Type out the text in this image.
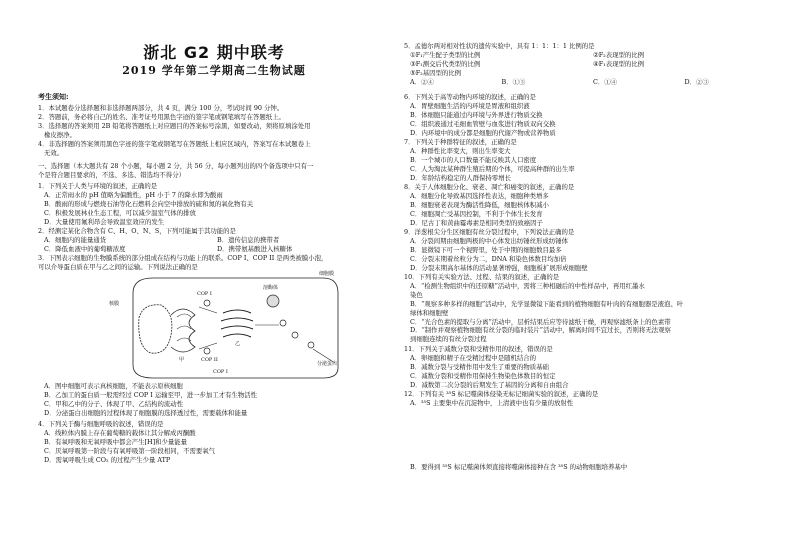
浙北 G2 期中联考
2019 学年第二学期高二生物试题
考生须知:
1．本试题卷分选择题和非选择题两部分，共 4 页，满分 100 分，考试时间 90 分钟。
2．答题前，务必将自己的姓名、准考证号用黑色字迹的签字笔或钢笔填写在答题纸上。
3．选择题的答案须用 2B 铅笔将答题纸上对应题目的答案标号涂黑，如要改动，须将原填涂处用
橡皮擦净。
4．非选择题的答案须用黑色字迹的签字笔或钢笔写在答题纸上相应区域内，答案写在本试题卷上
无效。
一、选择题（本大题共有 28 个小题，每小题 2 分，共 56 分，每小题列出的四个备选项中只有一
个是符合题目要求的，不选、多选、错选均不得分）
1．下列关于人类与环境的叙述，正确的是
A．正常雨水的 pH 值略为偏酸性，pH 小于 7 的降水即为酸雨
B．酸雨的形成与燃烧石油等化石燃料会向空中排放的硫和氮的氧化物有关
C．积极发展林业生态工程，可以减少温室气体的排放
D．大量使用氟利昂会导致温室效应的发生
2．经测定某化合物含有 C、H、O、N、S，下列可能属于其功能的是
A．细胞内的能量通货	B．遗传信息的携带者
C．降低血液中的葡萄糖浓度	D．携带氨基酸进入核糖体
3．下图表示细胞的生物膜系统的部分组成在结构与功能上的联系。COP I、COP II 是两类被膜小泡，
可以介导蛋白质在甲与乙之间的运输。下列说法正确的是
核膜
COP I
甲	COP II
溶酶体
乙
细胞膜
分泌蛋白
COP I
A．图中细胞可表示真核细胞，不能表示原核细胞
B．乙加工的蛋白质一般需经过 COP I 运输至甲，进一步加工才有生物活性
C．甲和乙中的分子、体现了甲、乙结构的流动性
D．分泌蛋白出细胞的过程体现了细胞膜的选择透过性，需要载体和能量
4．下列关于酶与细胞呼吸的叙述，错误的是
A．线粒体内膜上存在葡萄糖的载体让其分解成丙酮酸
B．有氧呼吸和无氧呼吸中都会产生[H]和少量能量
C．厌氧呼吸第一阶段与有氧呼吸第一阶段相同，不需要氧气
D．需氧呼吸生成 CO₂ 的过程产生少量 ATP
5．孟德尔两对相对性状的遗传实验中，具有 1：1：1：1 比例的是
①F₁产生配子类型的比例	②F₂表现型的比例
③F₁测交后代类型的比例	④F₁表现型的比例
⑤F₂基因型的比例
A．②④	B．①③	C．①④	D．②③
6．下列关于高等动物内环境的叙述，正确的是
A．胃壁细胞生活的内环境是胃液和组织液
B．体细胞只能通过内环境与外界进行物质交换
C．组织液通过毛细血管壁与血浆进行物质双向交换
D．内环境中的成分都是细胞的代谢产物或营养物质
7．下列关于种群特征的叙述，正确的是
A．种群性比率变大，则出生率变大
B．一个城市的人口数量不能反映其人口密度
C．人为淘汰某种群生殖后期的个体，可提高种群的出生率
D．年龄结构稳定的人群保持零增长
8．关于人体细胞分化、衰老、凋亡和癌变的叙述，正确的是
A．细胞分化导致基因选择性表达，细胞种类增多
B．细胞衰老表现为酶活性降低，细胞核体积减小
C．细胞凋亡受基因控制，不利于个体生长发育
D．尼古丁和黄曲霉毒素是相同类型的致癌因子
9．洋葱根尖分生区细胞有丝分裂过程中，下列说法正确的是
A．分裂间期由细胞两极的中心体发出纺锤丝形成纺锤体
B．显微镜下可一个视野里，处于中期的细胞数目最多
C．分裂末期着丝粒分为二，DNA 和染色体数目均加倍
D．分裂末期高尔基体的活动显著增强，细胞板扩展形成细胞壁
10．下列有关实验方法、过程、结果的叙述，正确的是
A．“检测生物组织中的还原糖”活动中，需将三种相融后的中性样品中，再用红墨水
染色
B．“观察多种多样的细胞”活动中，光学显微镜下能看到的植物细胞有叶肉的有细胞器是液泡、叶
绿体和细胞壁
C．“光合色素的提取与分离”活动中，层析结果后应等待滤纸干燥，再观察滤纸条上的色素带
D．“制作并观察植物细胞有丝分裂的临时装片”活动中，解离时间不宜过长，否则将无法观察
到细胞连续的有丝分裂过程
11．下列关于减数分裂和受精作用的叙述，错误的是
A．卵细胞和精子在受精过程中是随机结合的
B．减数分裂与受精作用中发生了重要的物质基础
C．减数分裂和受精作用保持生物染色体数目的恒定
D．减数第二次分裂的后期发生了基因的分离和自由组合
12．下列有关 ³⁵S 标记噬菌体侵染无标记细菌实验的叙述，正确的是
A．³⁵S 主要集中在沉淀物中，上清液中也有少量的放射性
B．要得到 ³⁵S 标记噬菌体须直接将噬菌体接种在含 ³⁵S 的动物细胞培养基中
